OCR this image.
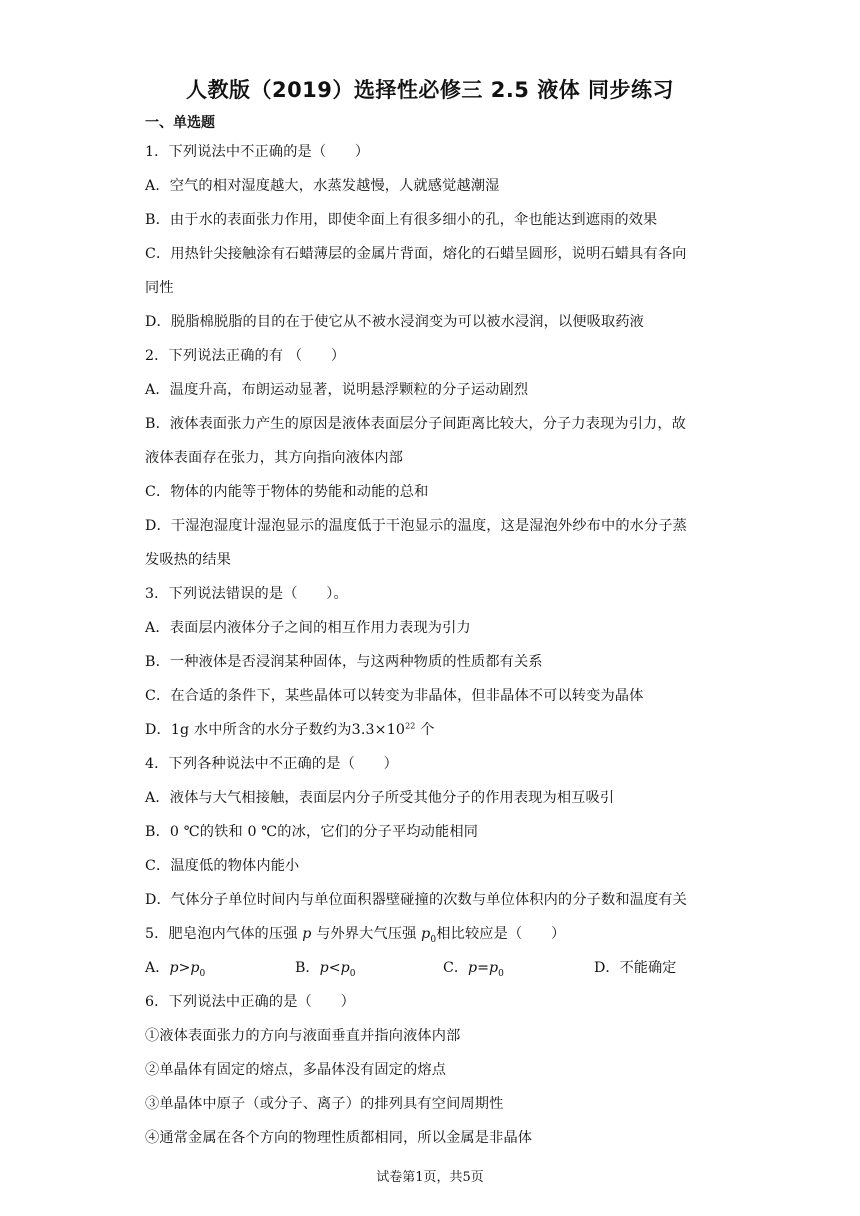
人教版（2019）选择性必修三 2.5 液体 同步练习
一、单选题
1．下列说法中不正确的是（　　）
A．空气的相对湿度越大，水蒸发越慢，人就感觉越潮湿
B．由于水的表面张力作用，即使伞面上有很多细小的孔，伞也能达到遮雨的效果
C．用热针尖接触涂有石蜡薄层的金属片背面，熔化的石蜡呈圆形，说明石蜡具有各向
同性
D．脱脂棉脱脂的目的在于使它从不被水浸润变为可以被水浸润，以便吸取药液
2．下列说法正确的有 （　　）
A．温度升高，布朗运动显著，说明悬浮颗粒的分子运动剧烈
B．液体表面张力产生的原因是液体表面层分子间距离比较大，分子力表现为引力，故
液体表面存在张力，其方向指向液体内部
C．物体的内能等于物体的势能和动能的总和
D．干湿泡湿度计湿泡显示的温度低于干泡显示的温度，这是湿泡外纱布中的水分子蒸
发吸热的结果
3．下列说法错误的是（　　）。
A．表面层内液体分子之间的相互作用力表现为引力
B．一种液体是否浸润某种固体，与这两种物质的性质都有关系
C．在合适的条件下，某些晶体可以转变为非晶体，但非晶体不可以转变为晶体
D．1g 水中所含的水分子数约为$3.3\times 10^{22}$ 个
4．下列各种说法中不正确的是（　　）
A．液体与大气相接触，表面层内分子所受其他分子的作用表现为相互吸引
B．0 ℃的铁和 0 ℃的冰，它们的分子平均动能相同
C．温度低的物体内能小
D．气体分子单位时间内与单位面积器壁碰撞的次数与单位体积内的分子数和温度有关
5．肥皂泡内气体的压强 p 与外界大气压强 $p_0$相比较应是（　　）
A．$p>p_0$	B．$p<p_0$	C．$p=p_0$	D．不能确定
6．下列说法中正确的是（　　）
①液体表面张力的方向与液面垂直并指向液体内部
②单晶体有固定的熔点，多晶体没有固定的熔点
③单晶体中原子（或分子、离子）的排列具有空间周期性
④通常金属在各个方向的物理性质都相同，所以金属是非晶体
试卷第1页，共5页
